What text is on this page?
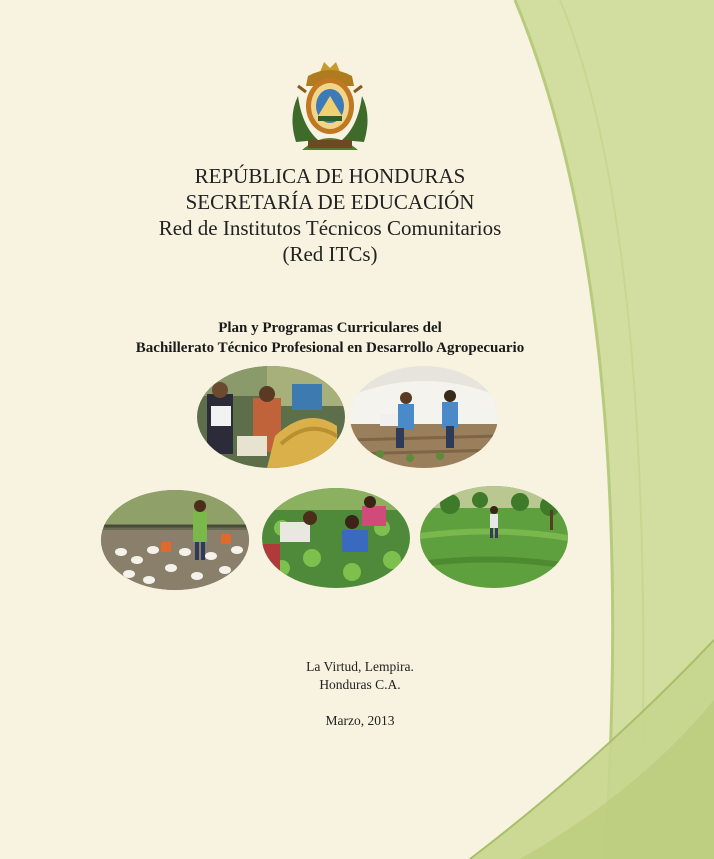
REPÚBLICA DE HONDURAS
SECRETARÍA DE EDUCACIÓN
Red de Institutos Técnicos Comunitarios
(Red ITCs)
Plan y Programas Curriculares del
Bachillerato Técnico Profesional en Desarrollo Agropecuario
La Virtud, Lempira.
Honduras C.A.
Marzo, 2013
